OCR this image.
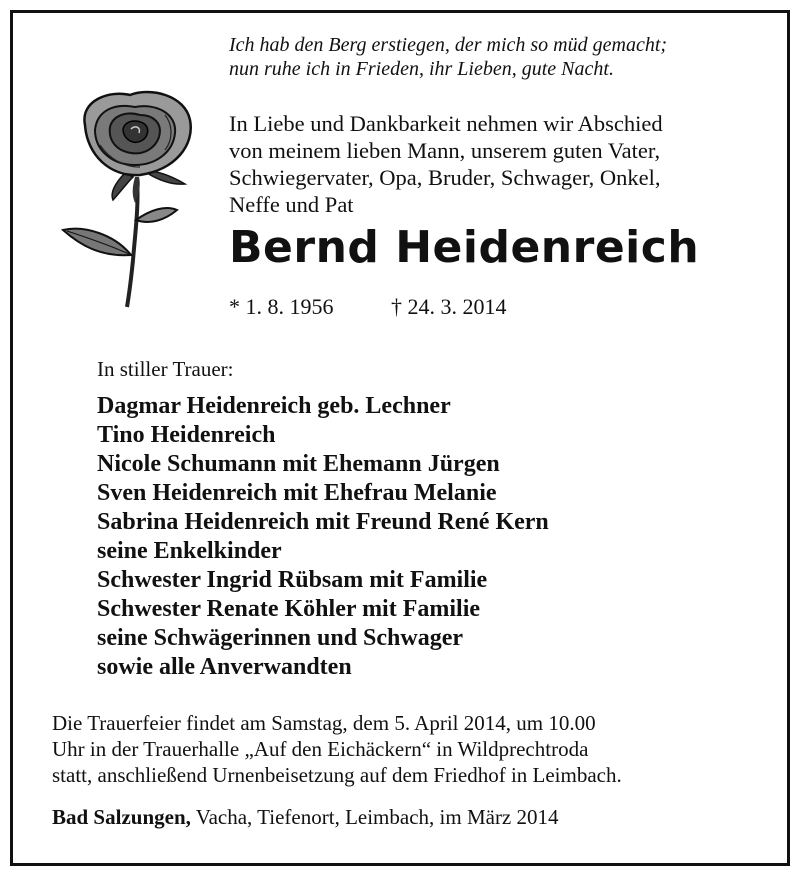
Ich hab den Berg erstiegen, der mich so müd gemacht;
nun ruhe ich in Frieden, ihr Lieben, gute Nacht.
In Liebe und Dankbarkeit nehmen wir Abschied
von meinem lieben Mann, unserem guten Vater,
Schwiegervater, Opa, Bruder, Schwager, Onkel,
Neffe und Pat
Bernd Heidenreich
* 1. 8. 1956	† 24. 3. 2014
In stiller Trauer:
Dagmar Heidenreich geb. Lechner
Tino Heidenreich
Nicole Schumann mit Ehemann Jürgen
Sven Heidenreich mit Ehefrau Melanie
Sabrina Heidenreich mit Freund René Kern
seine Enkelkinder
Schwester Ingrid Rübsam mit Familie
Schwester Renate Köhler mit Familie
seine Schwägerinnen und Schwager
sowie alle Anverwandten
Die Trauerfeier findet am Samstag, dem 5. April 2014, um 10.00
Uhr in der Trauerhalle „Auf den Eichäckern“ in Wildprechtroda
statt, anschließend Urnenbeisetzung auf dem Friedhof in Leimbach.
Bad Salzungen, Vacha, Tiefenort, Leimbach, im März 2014
